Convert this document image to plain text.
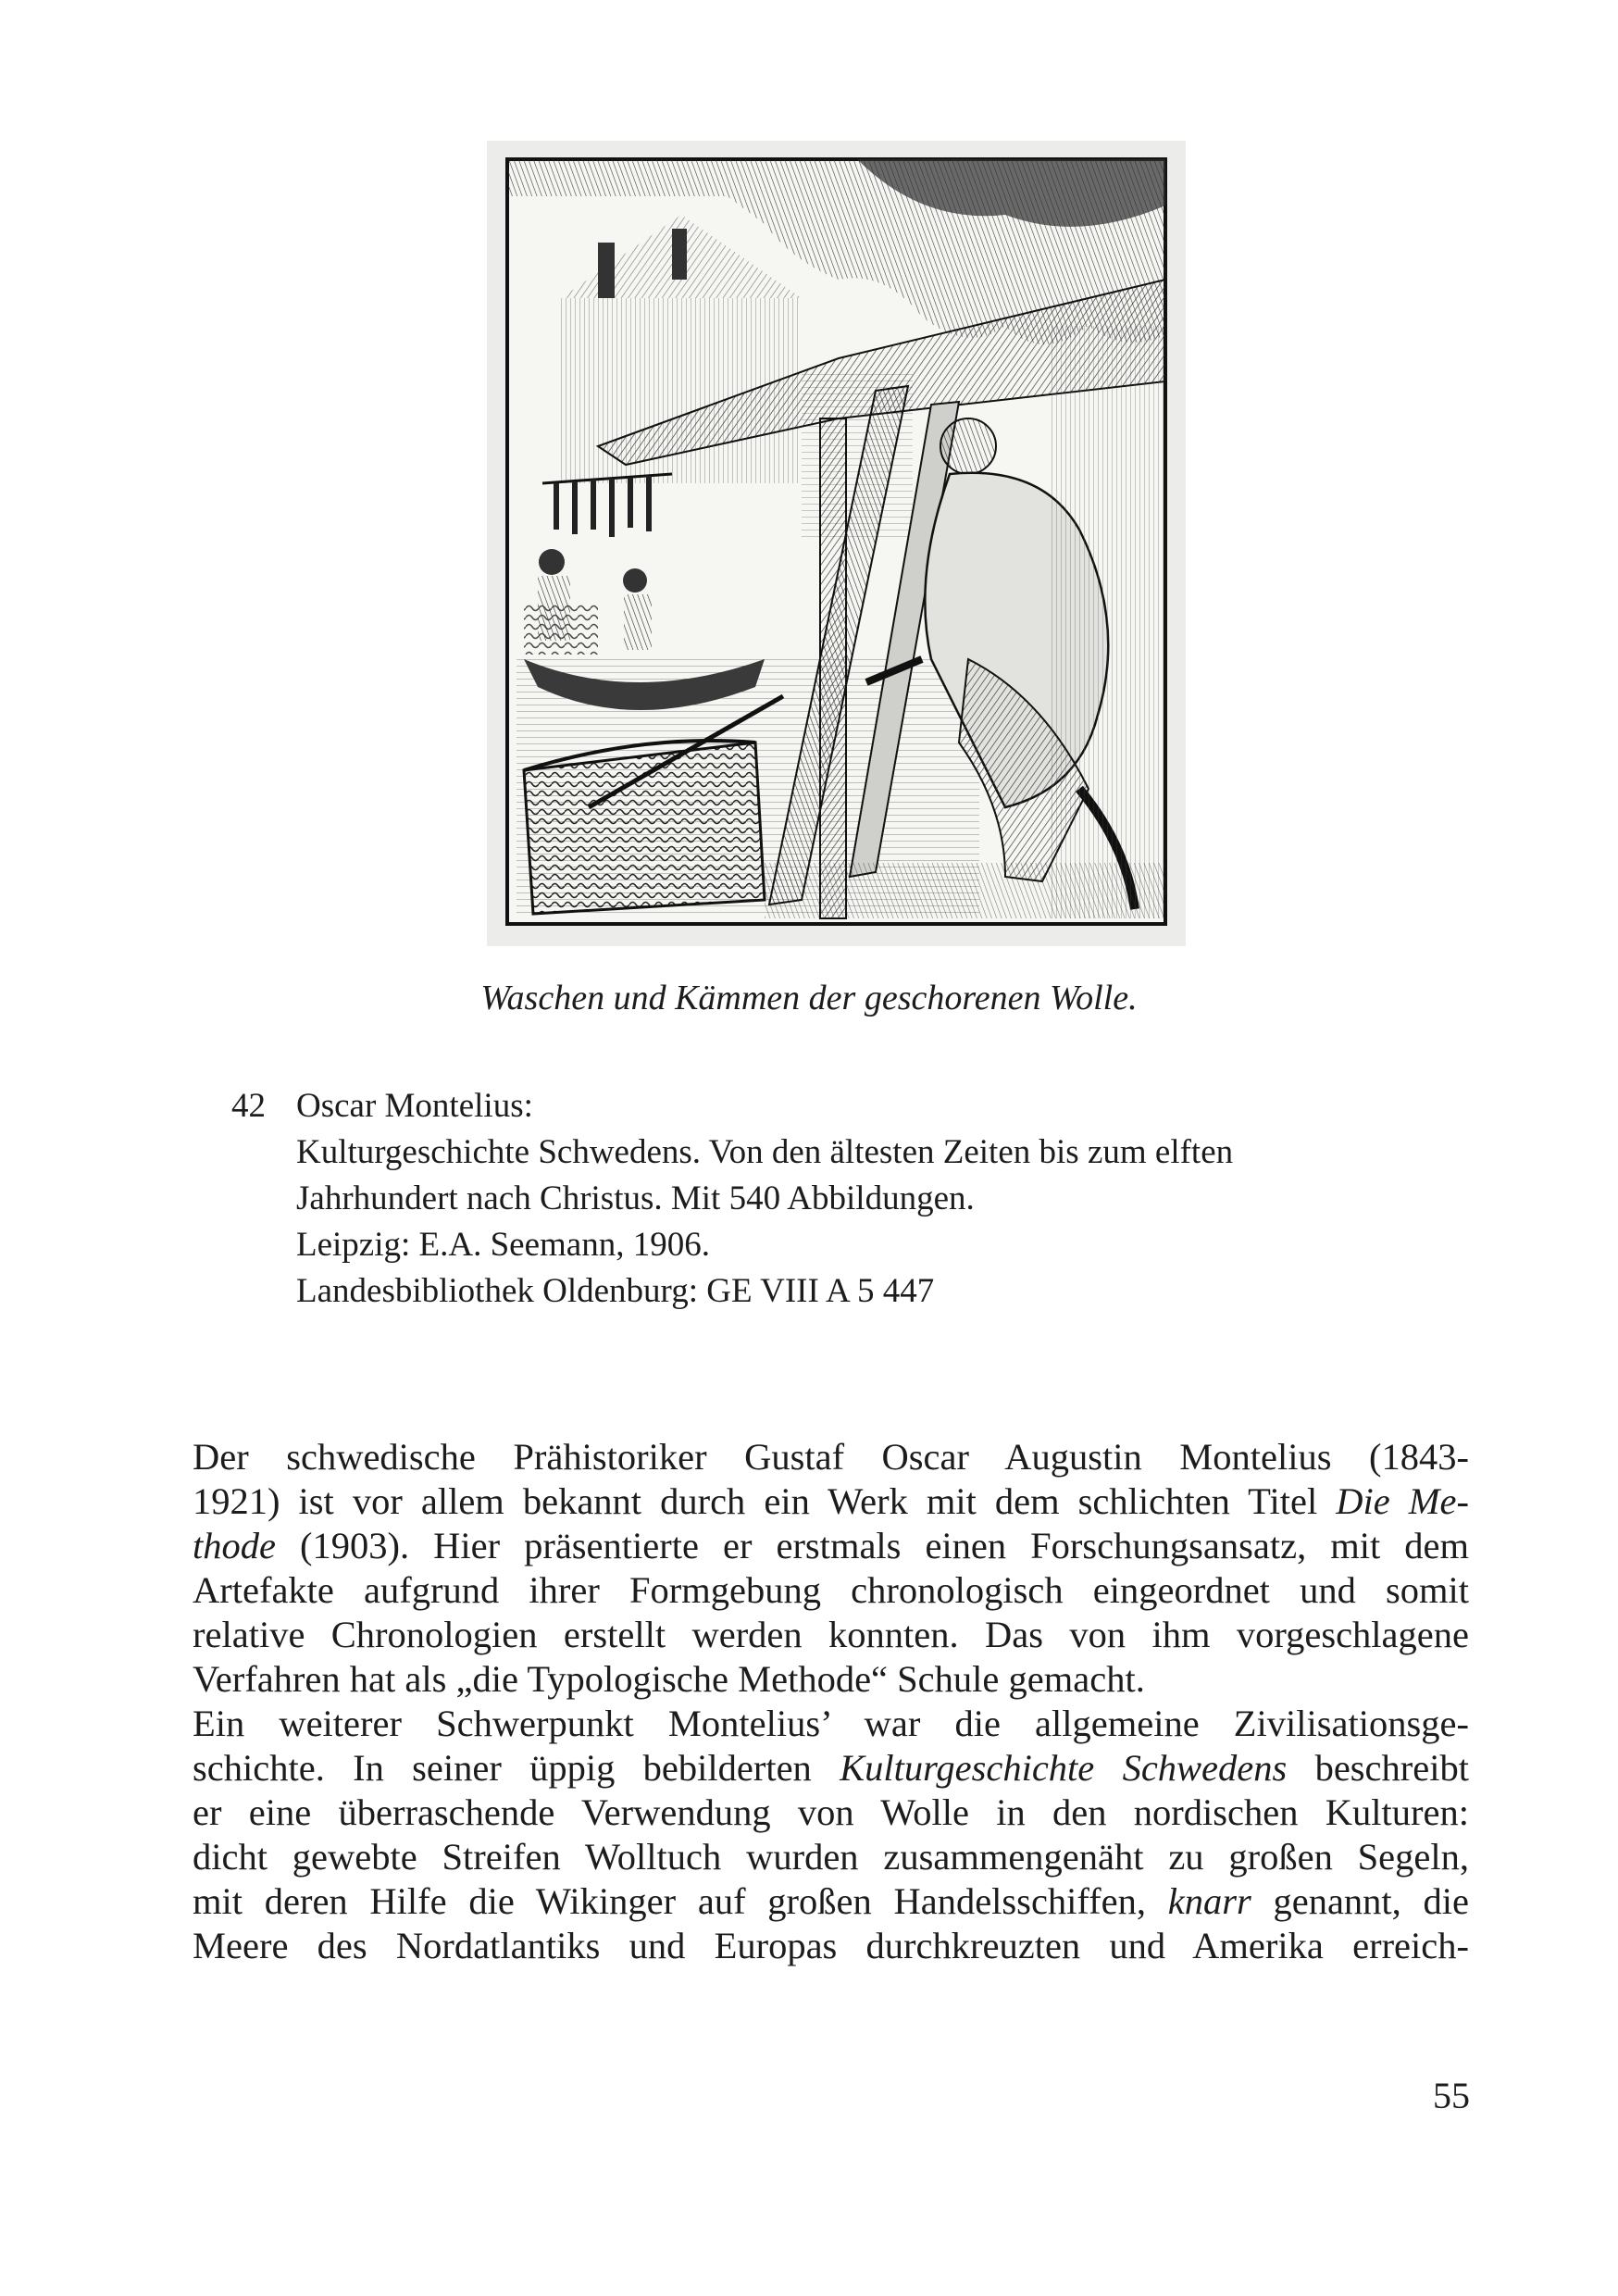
Waschen und Kämmen der geschorenen Wolle.
42 Oscar Montelius:
Kulturgeschichte Schwedens. Von den ältesten Zeiten bis zum elften
Jahrhundert nach Christus. Mit 540 Abbildungen.
Leipzig: E.A. Seemann, 1906.
Landesbibliothek Oldenburg: GE VIII A 5 447
Der schwedische Prähistoriker Gustaf Oscar Augustin Montelius (1843-
1921) ist vor allem bekannt durch ein Werk mit dem schlichten Titel Die Me-
thode (1903). Hier präsentierte er erstmals einen Forschungsansatz, mit dem
Artefakte aufgrund ihrer Formgebung chronologisch eingeordnet und somit
relative Chronologien erstellt werden konnten. Das von ihm vorgeschlagene
Verfahren hat als „die Typologische Methode“ Schule gemacht.
Ein weiterer Schwerpunkt Montelius’ war die allgemeine Zivilisationsge-
schichte. In seiner üppig bebilderten Kulturgeschichte Schwedens beschreibt
er eine überraschende Verwendung von Wolle in den nordischen Kulturen:
dicht gewebte Streifen Wolltuch wurden zusammengenäht zu großen Segeln,
mit deren Hilfe die Wikinger auf großen Handelsschiffen, knarr genannt, die
Meere des Nordatlantiks und Europas durchkreuzten und Amerika erreich-
55
